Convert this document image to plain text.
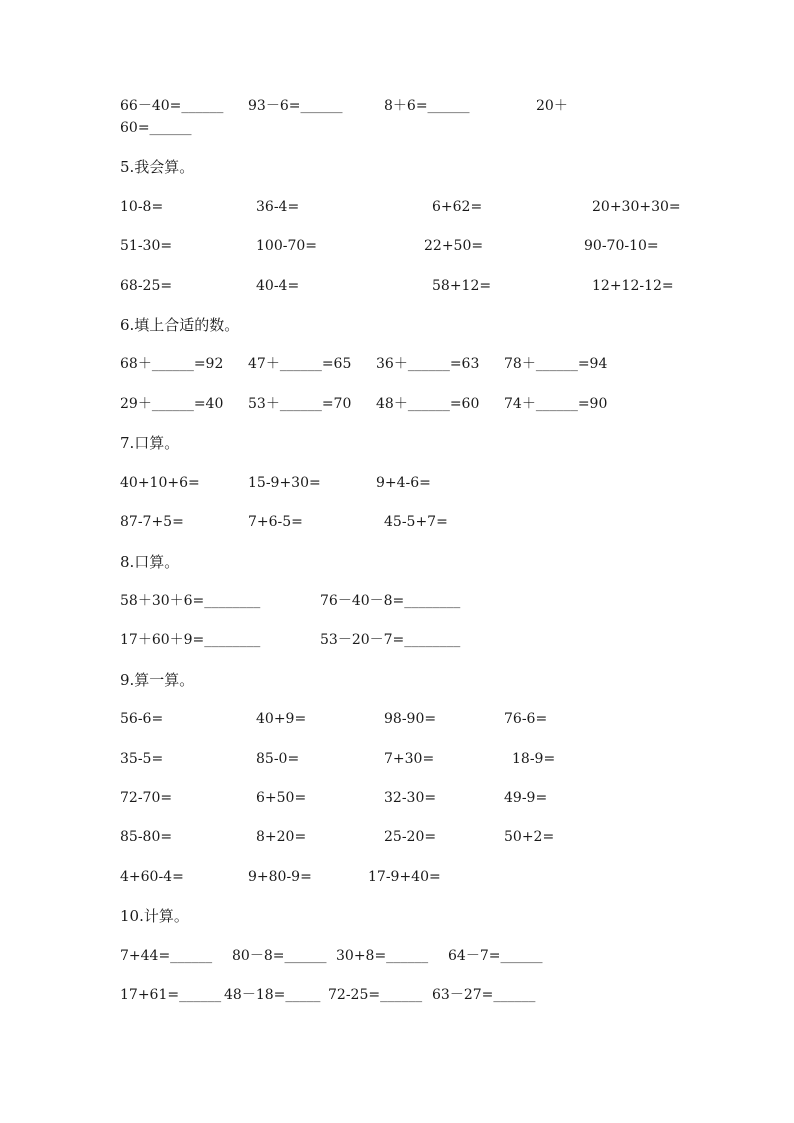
66－40=______ 93－6=______	8＋6=______	20＋
60=______
5.我会算。
10-8=	36-4=	6+62=	20+30+30=
51-30=	100-70=	22+50=	90-70-10=
68-25=	40-4=	58+12=	12+12-12=
6.填上合适的数。
68＋______=92 47＋______=65 36＋______=63 78＋______=94
29＋______=40 53＋______=70 48＋______=60 74＋______=90
7.口算。
40+10+6=	15-9+30=	9+4-6=
87-7+5=	7+6-5=	45-5+7=
8.口算。
58＋30＋6=________	76－40－8=________
17＋60＋9=________	53－20－7=________
9.算一算。
56-6=	40+9=	98-90=	76-6=
35-5=	85-0=	7+30=	18-9=
72-70=	6+50=	32-30=	49-9=
85-80=	8+20=	25-20=	50+2=
4+60-4=	9+80-9=	17-9+40=
10.计算。
7+44=______ 80－8=______ 30+8=______ 64－7=______
17+61=______ 48－18=_____ 72-25=______ 63－27=______
